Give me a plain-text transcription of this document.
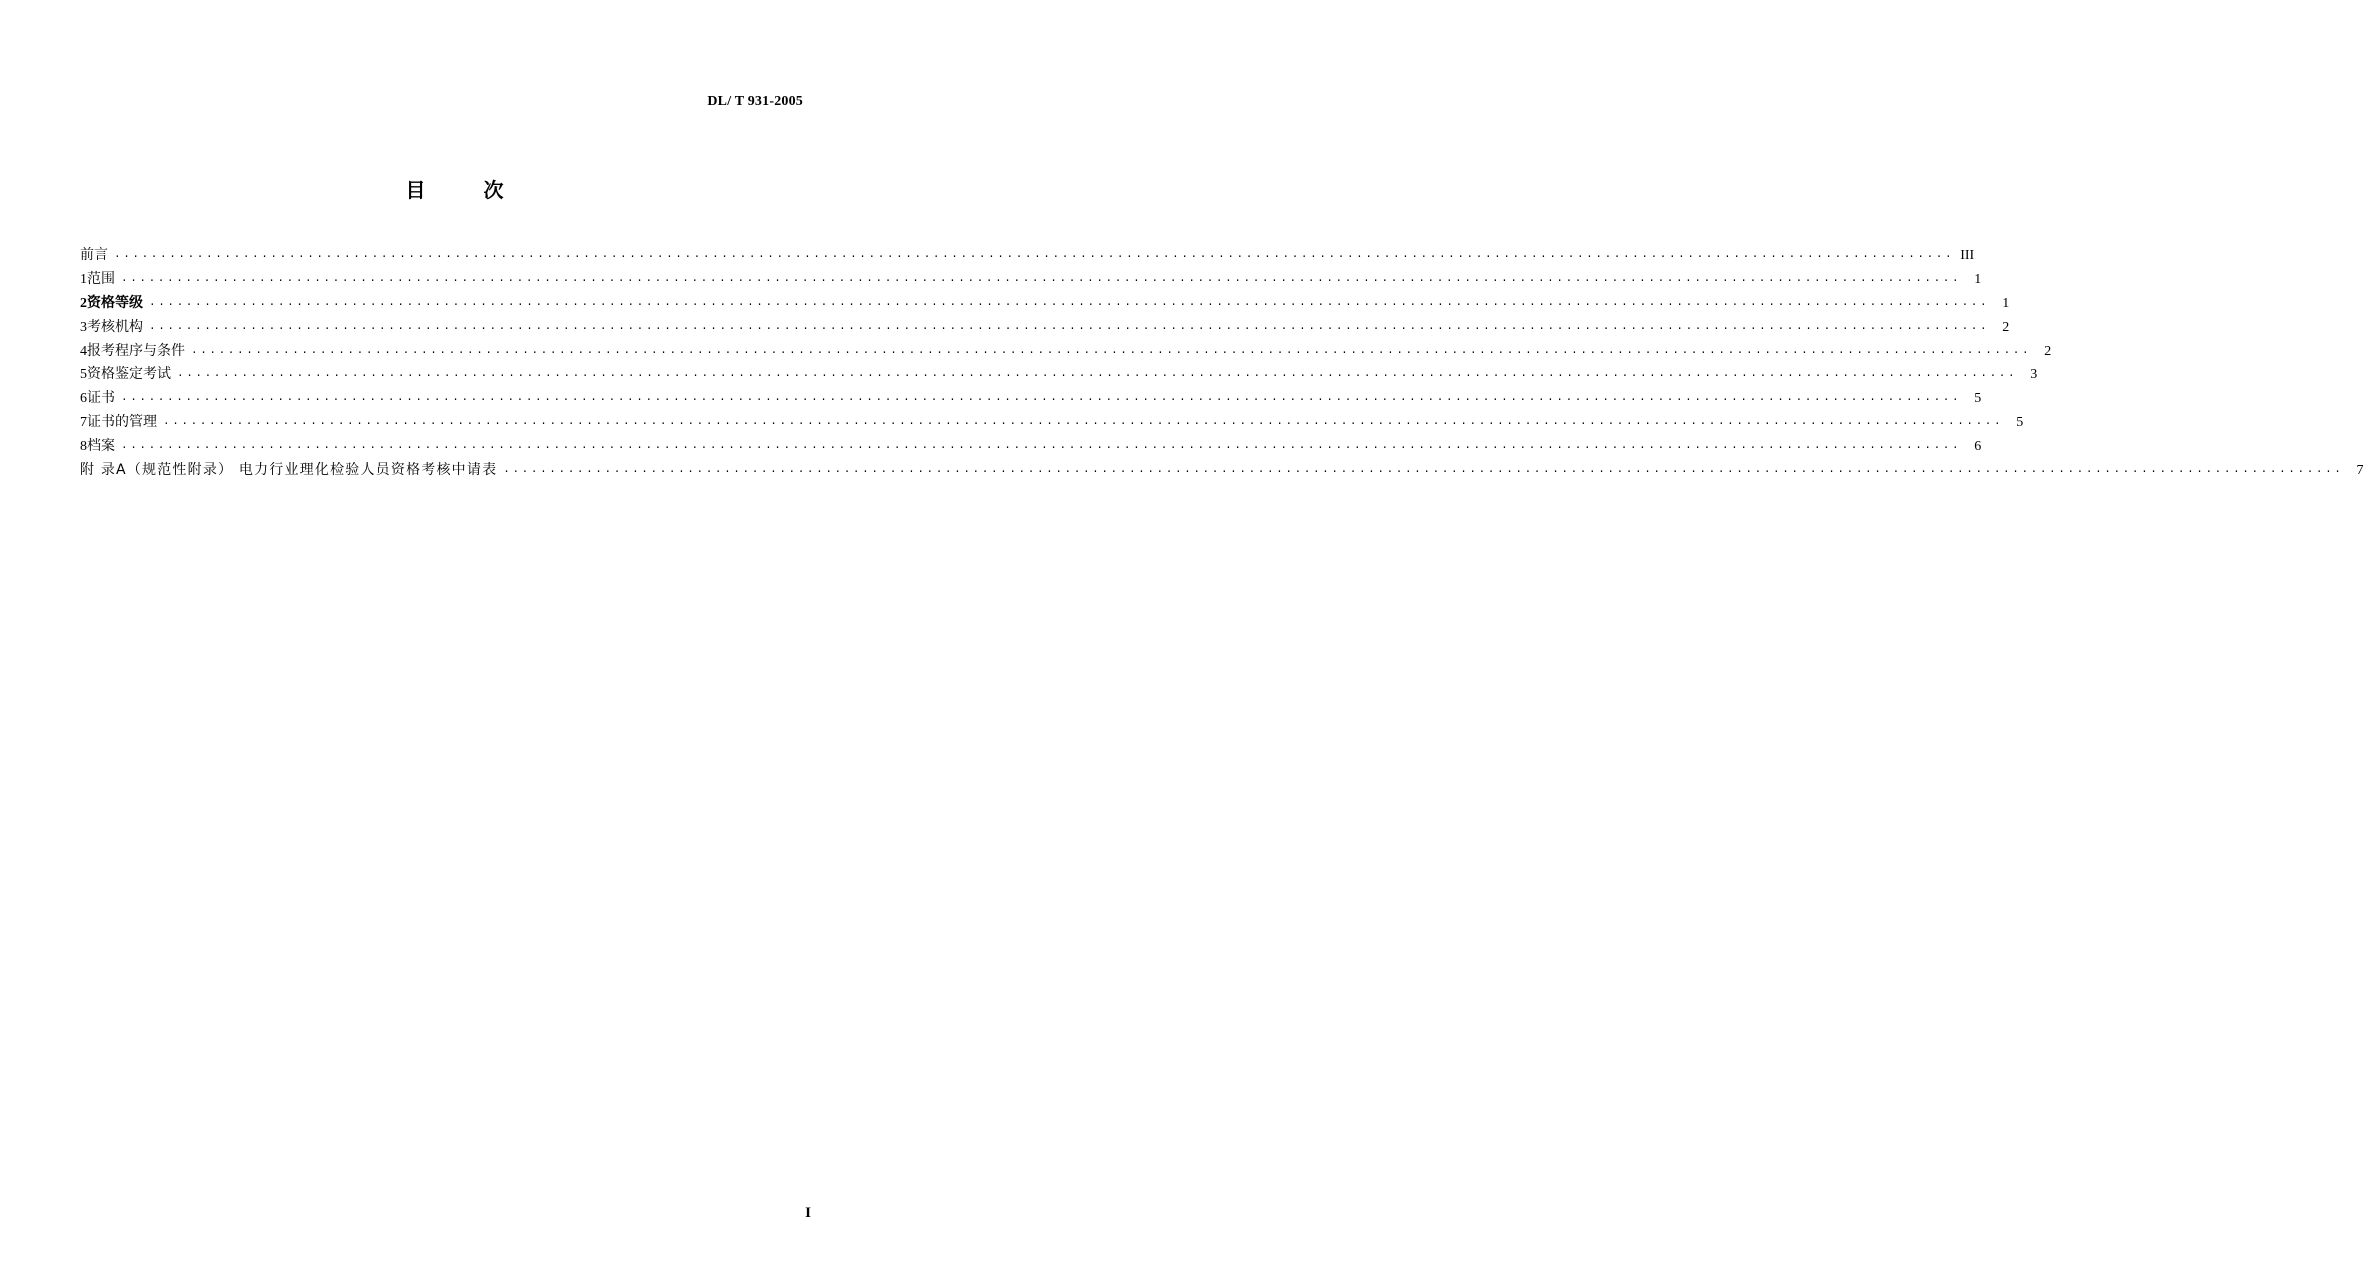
DL/ T 931-2005
目	次
前言 ........................................................................................................................................................................................................ III
1 范围 ........................................................................................................................................................................................................ 1
2 资格等级 ........................................................................................................................................................................................................ 1
3 考核机构 ........................................................................................................................................................................................................ 2
4 报考程序与条件 ........................................................................................................................................................................................................ 2
5 资格鉴定考试 ........................................................................................................................................................................................................ 3
6 证书 ........................................................................................................................................................................................................ 5
7 证书的管理 ........................................................................................................................................................................................................ 5
8 档案 ........................................................................................................................................................................................................ 6
附 录A（规范性附录） 电力行业理化检验人员资格考核中请表 ........................................................................................................................................................................................................ 7
I
